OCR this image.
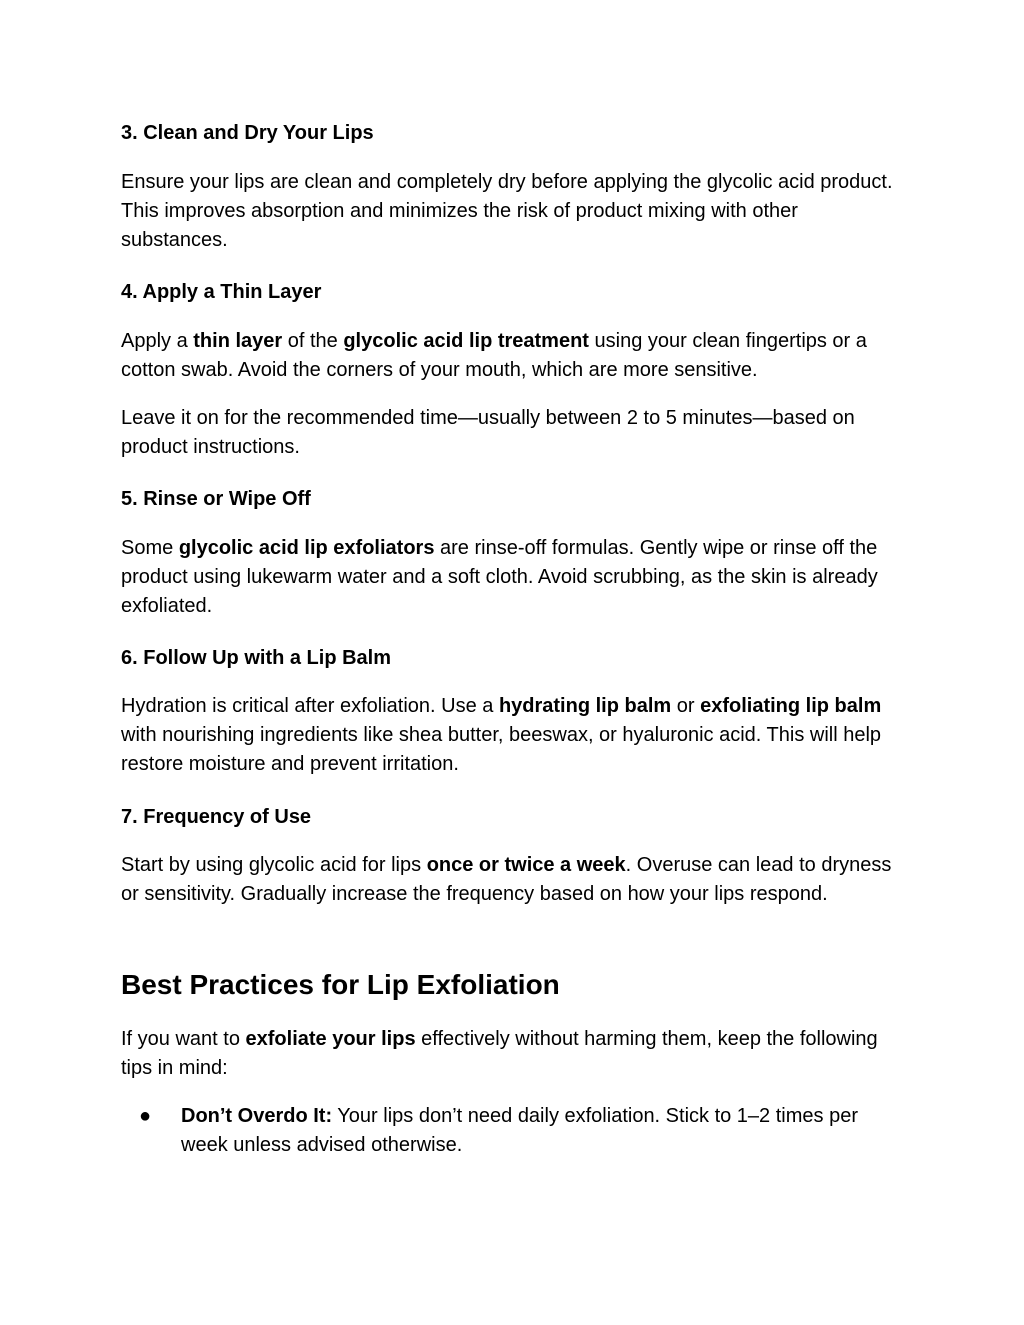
3. Clean and Dry Your Lips
Ensure your lips are clean and completely dry before applying the glycolic acid product. This improves absorption and minimizes the risk of product mixing with other substances.
4. Apply a Thin Layer
Apply a thin layer of the glycolic acid lip treatment using your clean fingertips or a cotton swab. Avoid the corners of your mouth, which are more sensitive.
Leave it on for the recommended time—usually between 2 to 5 minutes—based on product instructions.
5. Rinse or Wipe Off
Some glycolic acid lip exfoliators are rinse-off formulas. Gently wipe or rinse off the product using lukewarm water and a soft cloth. Avoid scrubbing, as the skin is already exfoliated.
6. Follow Up with a Lip Balm
Hydration is critical after exfoliation. Use a hydrating lip balm or exfoliating lip balm with nourishing ingredients like shea butter, beeswax, or hyaluronic acid. This will help restore moisture and prevent irritation.
7. Frequency of Use
Start by using glycolic acid for lips once or twice a week. Overuse can lead to dryness or sensitivity. Gradually increase the frequency based on how your lips respond.
Best Practices for Lip Exfoliation
If you want to exfoliate your lips effectively without harming them, keep the following tips in mind:
● Don’t Overdo It: Your lips don’t need daily exfoliation. Stick to 1–2 times per week unless advised otherwise.
